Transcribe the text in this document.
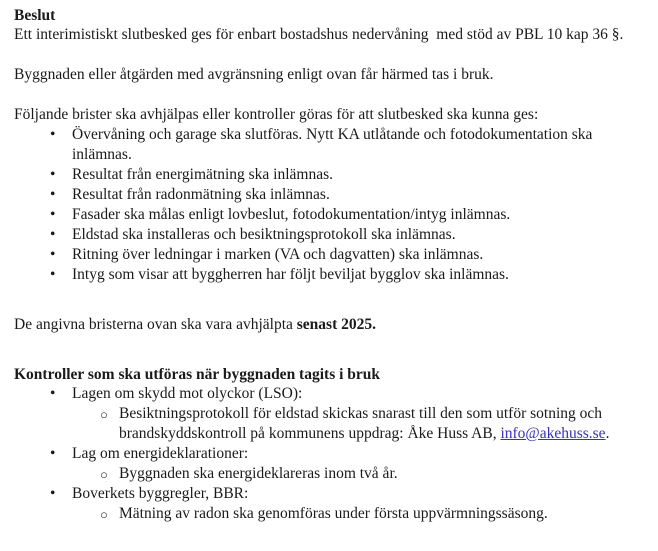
Beslut

Ett interimistiskt slutbesked ges för enbart bostadshus nedervåning  med stöd av PBL 10 kap 36 §.

Byggnaden eller åtgärden med avgränsning enligt ovan får härmed tas i bruk.

Följande brister ska avhjälpas eller kontroller göras för att slutbesked ska kunna ges:

• Övervåning och garage ska slutföras. Nytt KA utlåtande och fotodokumentation ska inlämnas.
• Resultat från energimätning ska inlämnas.
• Resultat från radonmätning ska inlämnas.
• Fasader ska målas enligt lovbeslut, fotodokumentation/intyg inlämnas.
• Eldstad ska installeras och besiktningsprotokoll ska inlämnas.
• Ritning över ledningar i marken (VA och dagvatten) ska inlämnas.
• Intyg som visar att byggherren har följt beviljat bygglov ska inlämnas.

De angivna bristerna ovan ska vara avhjälpta senast 2025.

Kontroller som ska utföras när byggnaden tagits i bruk
• Lagen om skydd mot olyckor (LSO):
○ Besiktningsprotokoll för eldstad skickas snarast till den som utför sotning och brandskyddskontroll på kommunens uppdrag: Åke Huss AB, info@akehuss.se.
• Lag om energideklarationer:
○ Byggnaden ska energideklareras inom två år.
• Boverkets byggregler, BBR:
○ Mätning av radon ska genomföras under första uppvärmningssäsong.
